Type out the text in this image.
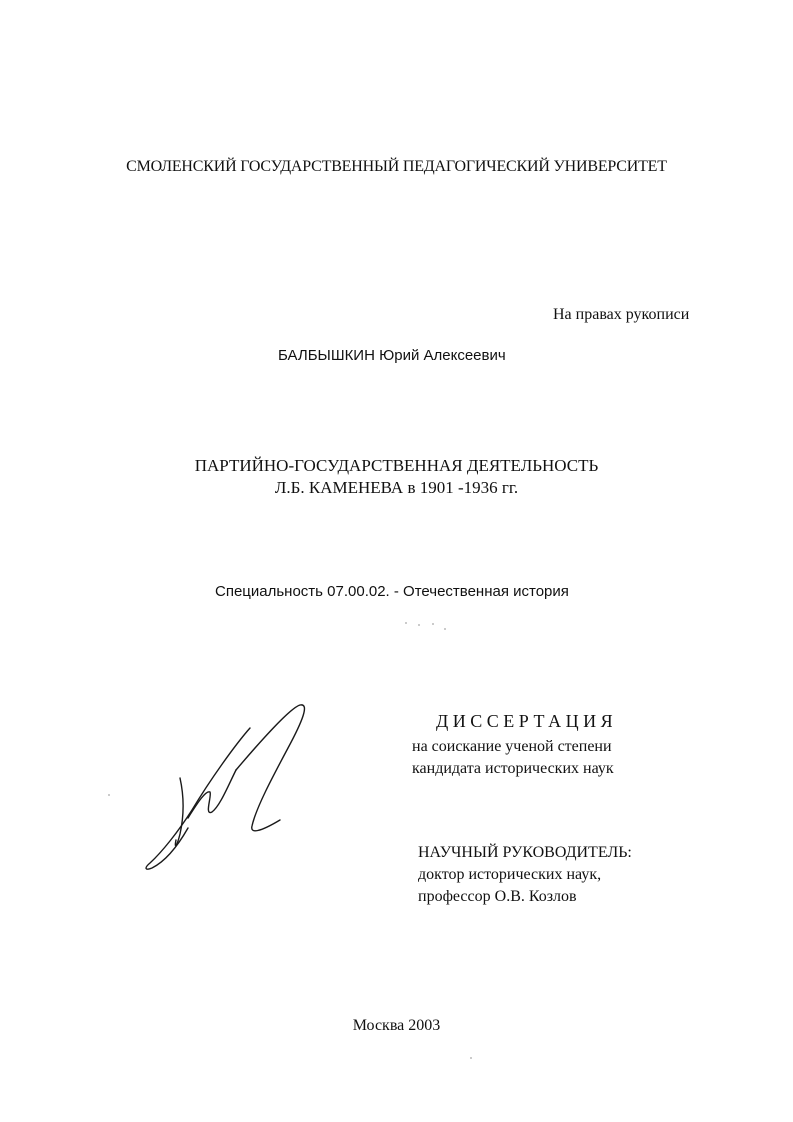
СМОЛЕНСКИЙ ГОСУДАРСТВЕННЫЙ ПЕДАГОГИЧЕСКИЙ УНИВЕРСИТЕТ
На правах рукописи
БАЛБЫШКИН Юрий Алексеевич
ПАРТИЙНО-ГОСУДАРСТВЕННАЯ ДЕЯТЕЛЬНОСТЬ
Л.Б. КАМЕНЕВА в 1901 -1936 гг.
Специальность 07.00.02. - Отечественная история
ДИССЕРТАЦИЯ
на соискание ученой степени
кандидата исторических наук
НАУЧНЫЙ РУКОВОДИТЕЛЬ:
доктор исторических наук,
профессор О.В. Козлов
Москва 2003
